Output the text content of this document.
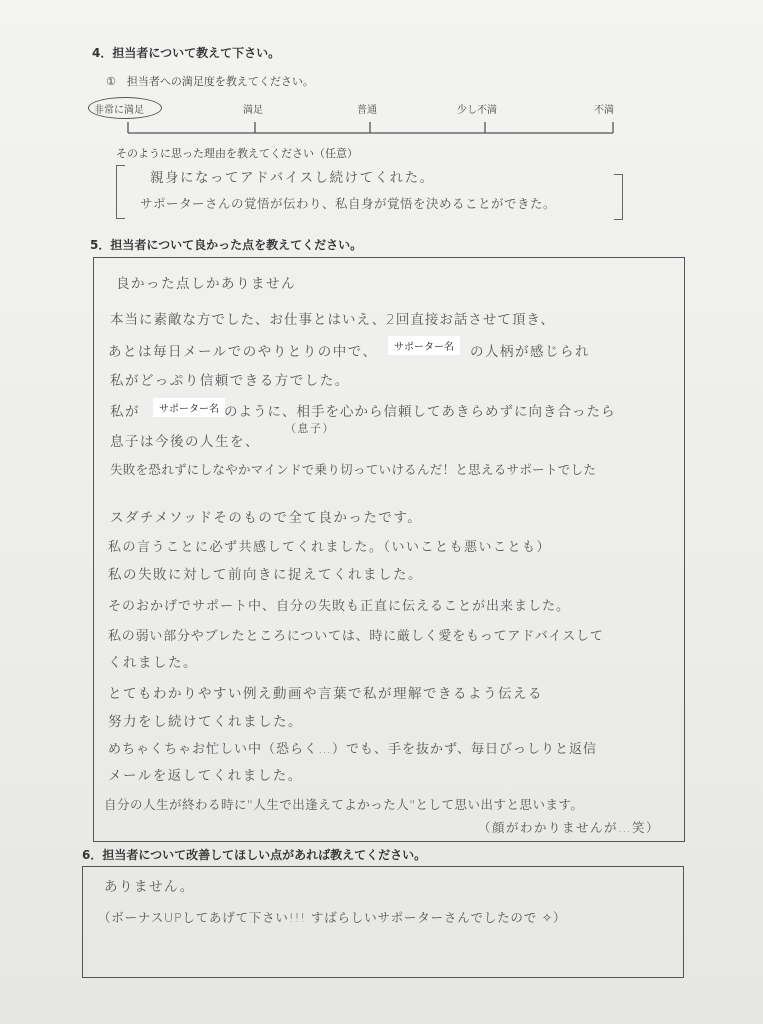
4．担当者について教えて下さい。
①　担当者への満足度を教えてください。
非常に満足	満足	普通	少し不満	不満
そのように思った理由を教えてください（任意）
親身になってアドバイスし続けてくれた。
サポーターさんの覚悟が伝わり、私自身が覚悟を決めることができた。
5．担当者について良かった点を教えてください。
良かった点しかありません
本当に素敵な方でした、お仕事とはいえ、2回直接お話させて頂き、
あとは毎日メールでのやりとりの中で、	サポーター名	の人柄が感じられ
私がどっぷり信頼できる方でした。
私が	サポーター名 のように、相手を心から信頼してあきらめずに向き合ったら
息子は今後の人生を、
（息子）
失敗を恐れずにしなやかマインドで乗り切っていけるんだ！と思えるサポートでした
スダチメソッドそのもので全て良かったです。
私の言うことに必ず共感してくれました。（いいことも悪いことも）
私の失敗に対して前向きに捉えてくれました。
そのおかげでサポート中、自分の失敗も正直に伝えることが出来ました。
私の弱い部分やブレたところについては、時に厳しく愛をもってアドバイスして
くれました。
とてもわかりやすい例え動画や言葉で私が理解できるよう伝える
努力をし続けてくれました。
めちゃくちゃお忙しい中（恐らく…）でも、手を抜かず、毎日びっしりと返信
メールを返してくれました。
自分の人生が終わる時に"人生で出逢えてよかった人"として思い出すと思います。
（顔がわかりませんが…笑）
6．担当者について改善してほしい点があれば教えてください。
ありません。
（ボーナスUPしてあげて下さい!!! すばらしいサポーターさんでしたので ✧）
